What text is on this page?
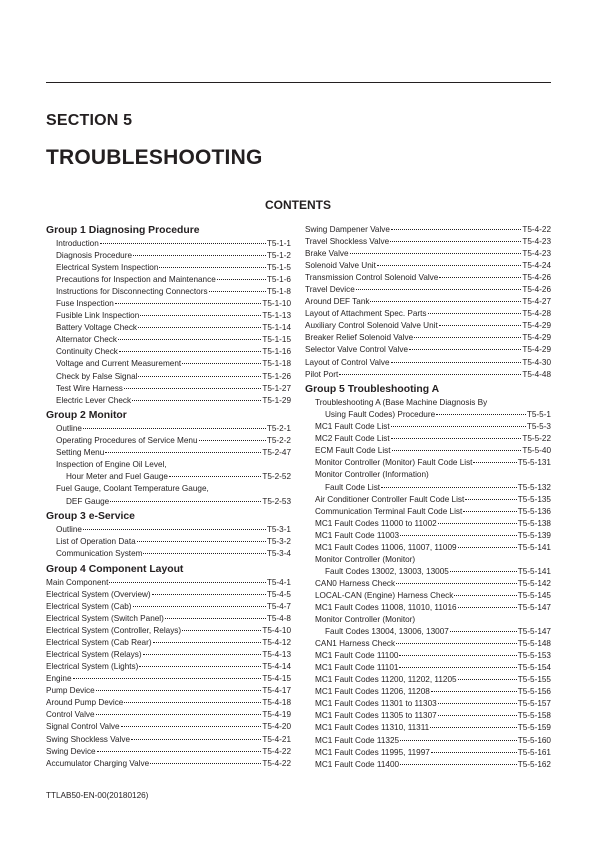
SECTION 5
TROUBLESHOOTING
CONTENTS
Group 1 Diagnosing Procedure
Introduction	T5-1-1
Diagnosis Procedure	T5-1-2
Electrical System Inspection	T5-1-5
Precautions for Inspection and Maintenance	T5-1-6
Instructions for Disconnecting Connectors	T5-1-8
Fuse Inspection	T5-1-10
Fusible Link Inspection	T5-1-13
Battery Voltage Check	T5-1-14
Alternator Check	T5-1-15
Continuity Check	T5-1-16
Voltage and Current Measurement	T5-1-18
Check by False Signal	T5-1-26
Test Wire Harness	T5-1-27
Electric Lever Check	T5-1-29
Group 2 Monitor
Outline	T5-2-1
Operating Procedures of Service Menu	T5-2-2
Setting Menu	T5-2-47
Inspection of Engine Oil Level,
Hour Meter and Fuel Gauge	T5-2-52
Fuel Gauge, Coolant Temperature Gauge,
DEF Gauge	T5-2-53
Group 3 e-Service
Outline	T5-3-1
List of Operation Data	T5-3-2
Communication System	T5-3-4
Group 4 Component Layout
Main Component	T5-4-1
Electrical System (Overview)	T5-4-5
Electrical System (Cab)	T5-4-7
Electrical System (Switch Panel)	T5-4-8
Electrical System (Controller, Relays)	T5-4-10
Electrical System (Cab Rear)	T5-4-12
Electrical System (Relays)	T5-4-13
Electrical System (Lights)	T5-4-14
Engine	T5-4-15
Pump Device	T5-4-17
Around Pump Device	T5-4-18
Control Valve	T5-4-19
Signal Control Valve	T5-4-20
Swing Shockless Valve	T5-4-21
Swing Device	T5-4-22
Accumulator Charging Valve	T5-4-22
Swing Dampener Valve	T5-4-22
Travel Shockless Valve	T5-4-23
Brake Valve	T5-4-23
Solenoid Valve Unit	T5-4-24
Transmission Control Solenoid Valve	T5-4-26
Travel Device	T5-4-26
Around DEF Tank	T5-4-27
Layout of Attachment Spec. Parts	T5-4-28
Auxiliary Control Solenoid Valve Unit	T5-4-29
Breaker Relief Solenoid Valve	T5-4-29
Selector Valve Control Valve	T5-4-29
Layout of Control Valve	T5-4-30
Pilot Port	T5-4-48
Group 5 Troubleshooting A
Troubleshooting A (Base Machine Diagnosis By
Using Fault Codes) Procedure	T5-5-1
MC1 Fault Code List	T5-5-3
MC2 Fault Code List	T5-5-22
ECM Fault Code List	T5-5-40
Monitor Controller (Monitor) Fault Code List	T5-5-131
Monitor Controller (Information)
Fault Code List	T5-5-132
Air Conditioner Controller Fault Code List	T5-5-135
Communication Terminal Fault Code List	T5-5-136
MC1 Fault Codes 11000 to 11002	T5-5-138
MC1 Fault Code 11003	T5-5-139
MC1 Fault Codes 11006, 11007, 11009	T5-5-141
Monitor Controller (Monitor)
Fault Codes 13002, 13003, 13005	T5-5-141
CAN0 Harness Check	T5-5-142
LOCAL-CAN (Engine) Harness Check	T5-5-145
MC1 Fault Codes 11008, 11010, 11016	T5-5-147
Monitor Controller (Monitor)
Fault Codes 13004, 13006, 13007	T5-5-147
CAN1 Harness Check	T5-5-148
MC1 Fault Code 11100	T5-5-153
MC1 Fault Code 11101	T5-5-154
MC1 Fault Codes 11200, 11202, 11205	T5-5-155
MC1 Fault Codes 11206, 11208	T5-5-156
MC1 Fault Codes 11301 to 11303	T5-5-157
MC1 Fault Codes 11305 to 11307	T5-5-158
MC1 Fault Codes 11310, 11311	T5-5-159
MC1 Fault Code 11325	T5-5-160
MC1 Fault Codes 11995, 11997	T5-5-161
MC1 Fault Code 11400	T5-5-162
TTLAB50-EN-00(20180126)
